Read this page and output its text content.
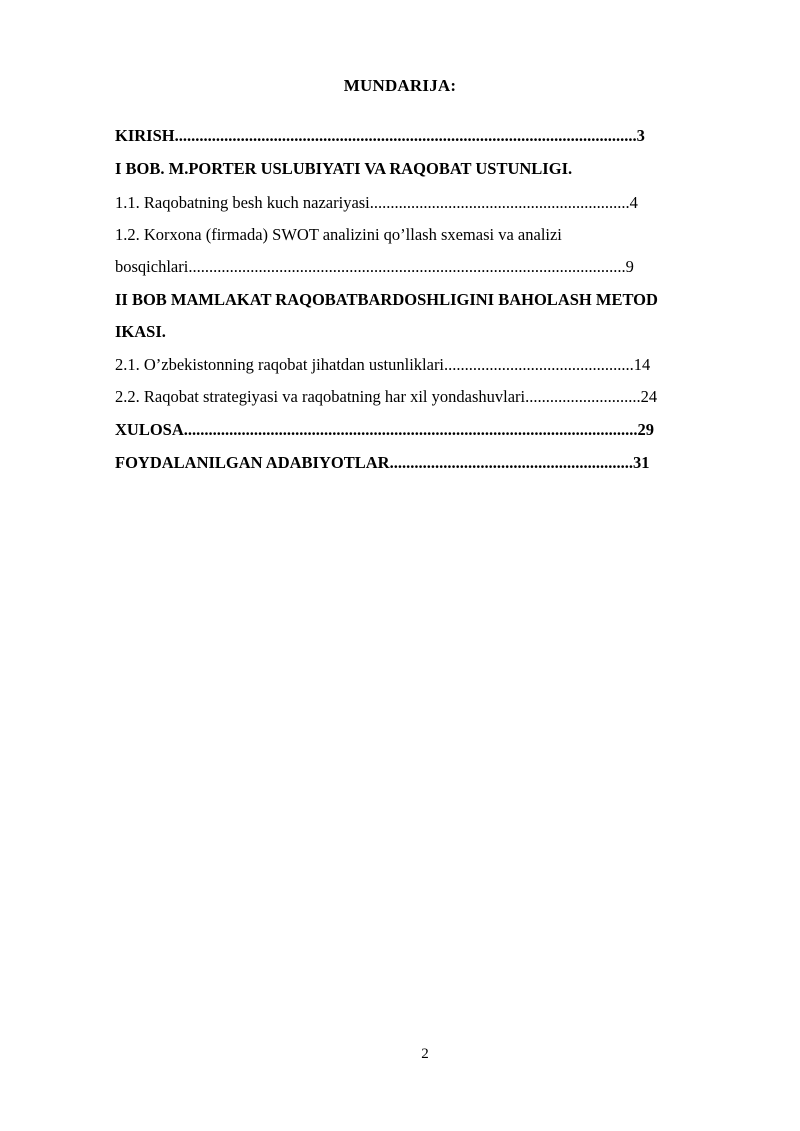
MUNDARIJA:
KIRISH................................................................................................................3
I BOB. M.PORTER USLUBIYATI VA RAQOBAT USTUNLIGI.
1.1. Raqobatning besh kuch nazariyasi...............................................................4
1.2. Korxona (firmada) SWOT analizini qo’llash sxemasi va analizi
bosqichlari..........................................................................................................9
II BOB MAMLAKAT RAQOBATBARDOSHLIGINI BAHOLASH METOD
IKASI.
2.1. O’zbekistonning raqobat jihatdan ustunliklari..............................................14
2.2. Raqobat strategiyasi va raqobatning har xil yondashuvlari............................24
XULOSA..............................................................................................................29
FOYDALANILGAN ADABIYOTLAR...........................................................31
2
